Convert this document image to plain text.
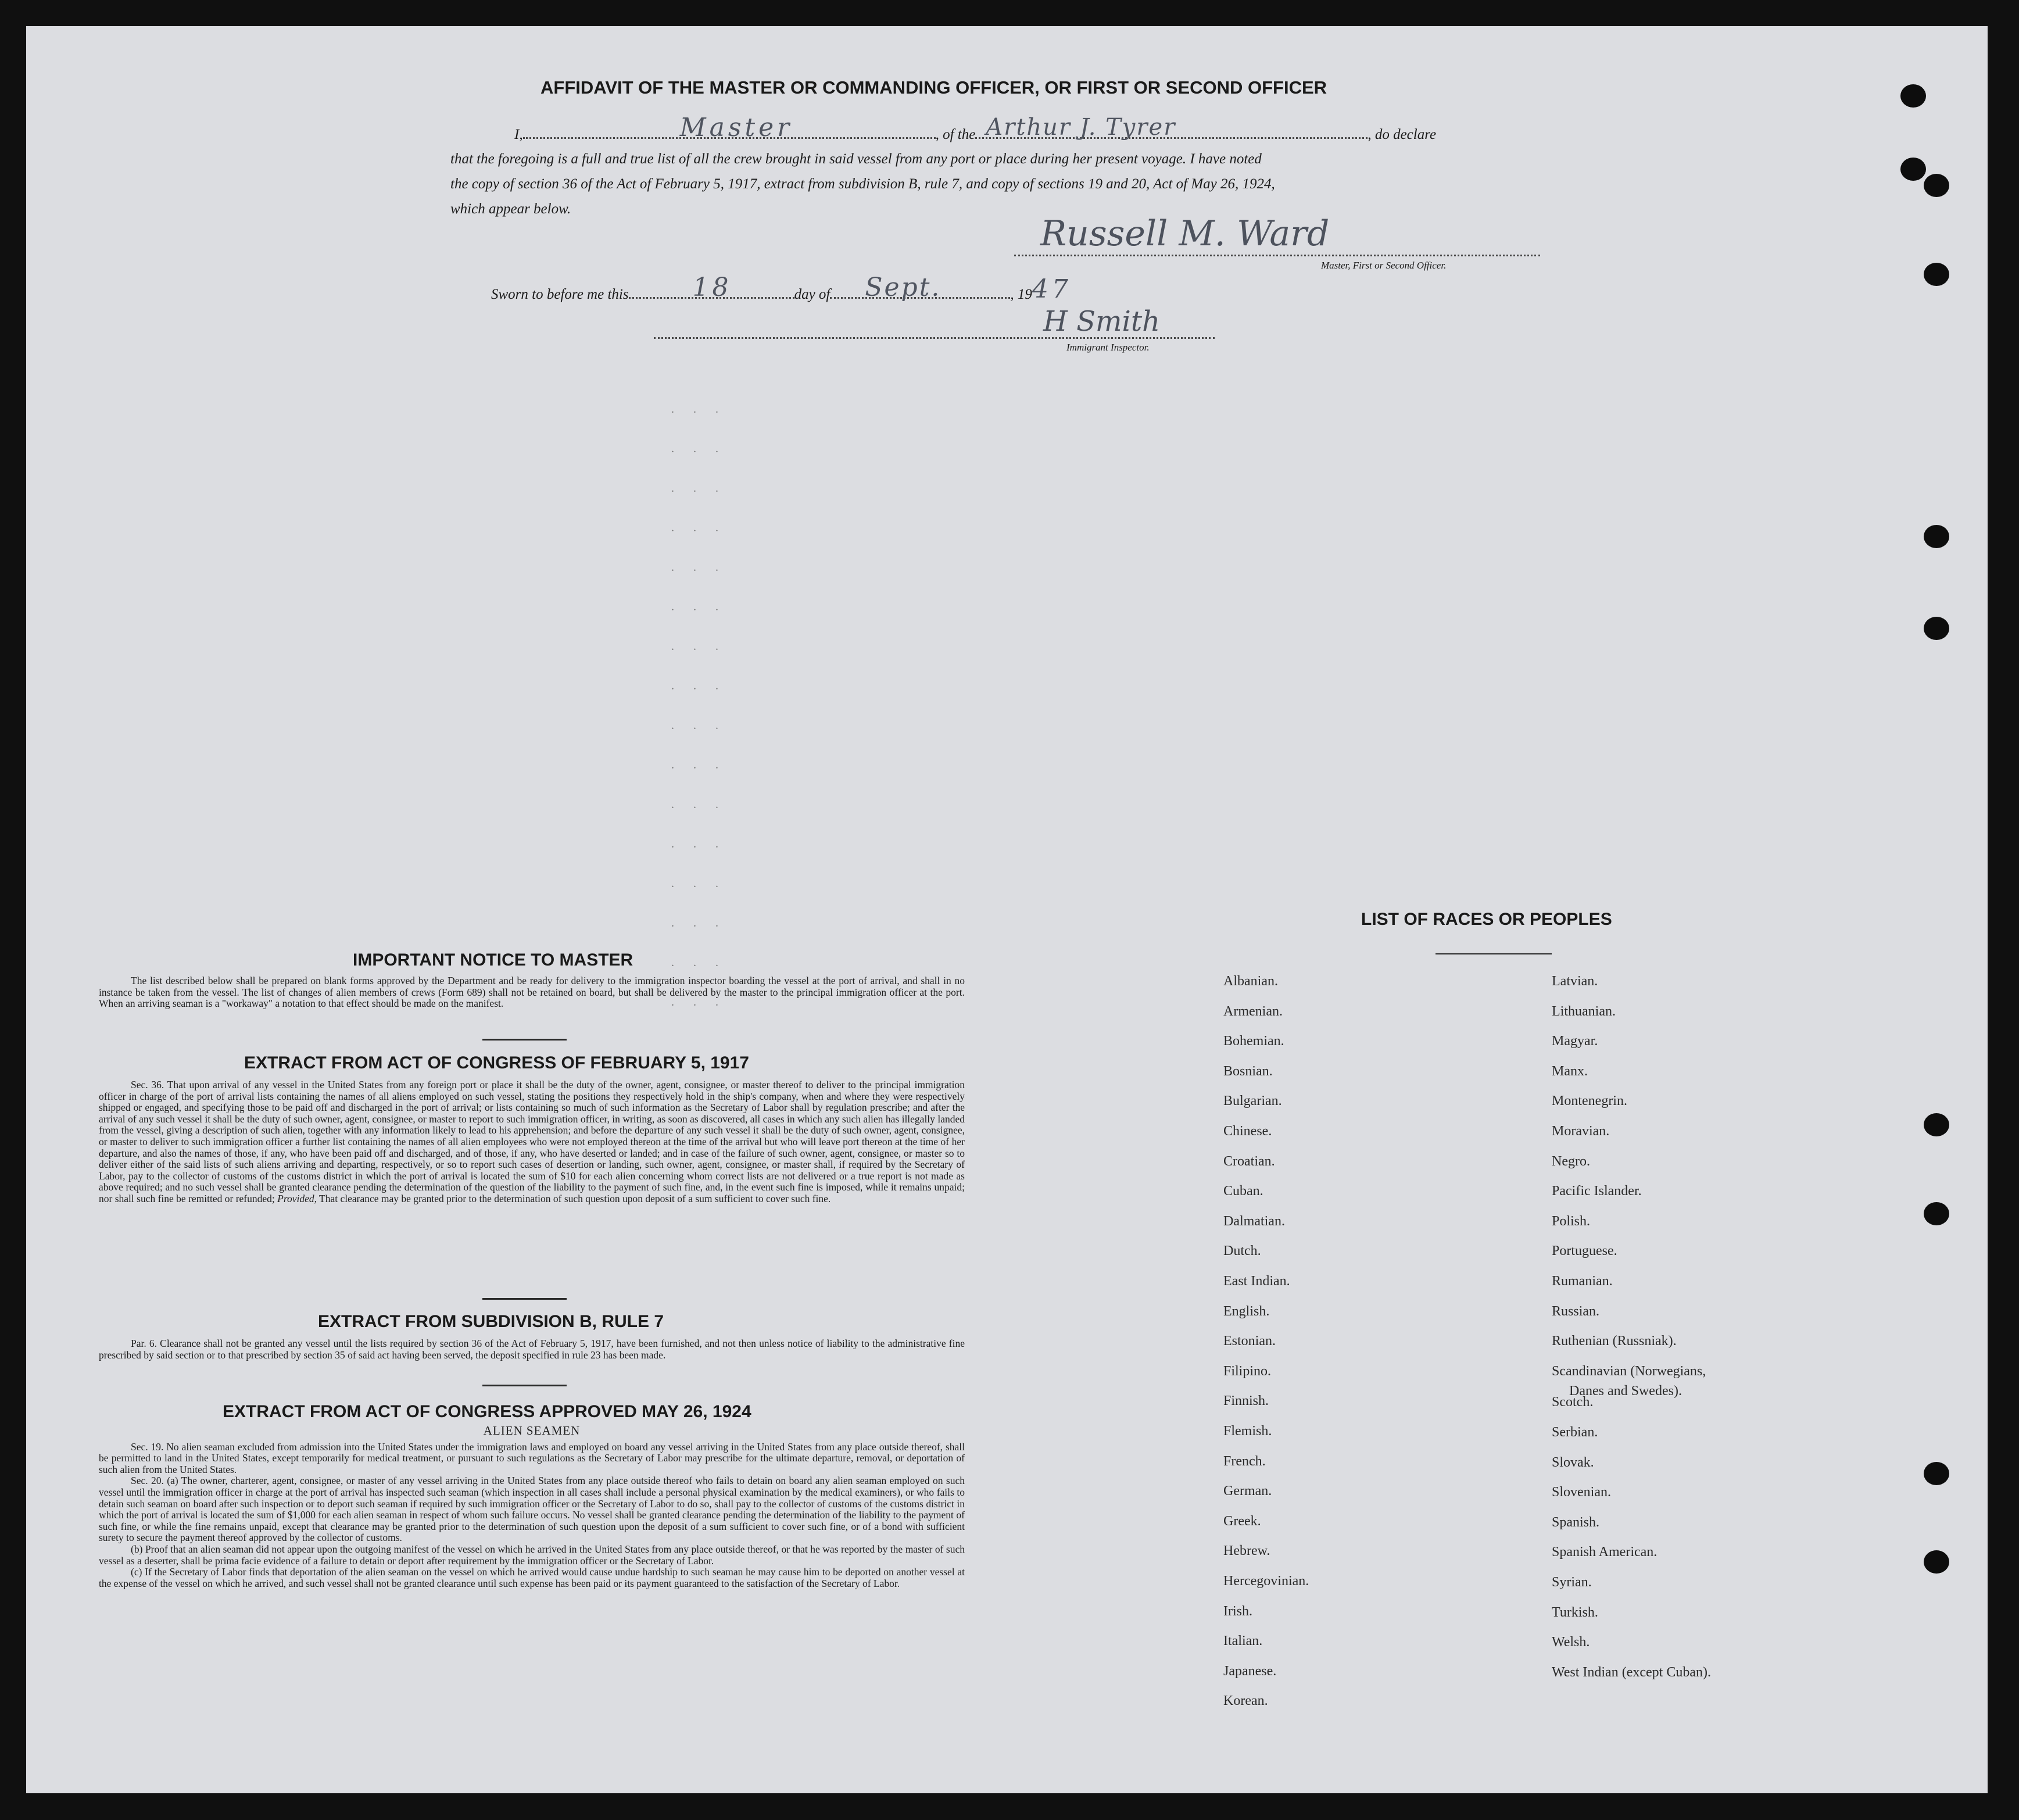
AFFIDAVIT OF THE MASTER OR COMMANDING OFFICER, OR FIRST OR SECOND OFFICER
I,	Master	, of the Arthur J. Tyrer	, do declare
that the foregoing is a full and true list of all the crew brought in said vessel from any port or place during her present voyage. I have noted
the copy of section 36 of the Act of February 5, 1917, extract from subdivision B, rule 7, and copy of sections 19 and 20, Act of May 26, 1924,
which appear below.
Russell M. Ward
Master, First or Second Officer.
Sworn to before me this	18	day of Sept.	, 19 47
H Smith
Immigrant Inspector.
. . .
. . .
. . .
. . .
. . .
. . .
. . .
. . .
. . .
. . .
. . .
. . .
. . .
. . .
. . .
. . .
IMPORTANT NOTICE TO MASTER

The list described below shall be prepared on blank forms approved by the Department and be ready for delivery to the immigration inspector boarding the vessel at the port of arrival, and shall in no instance be taken from the vessel. The list of changes of alien members of crews (Form 689) shall not be retained on board, but shall be delivered by the master to the principal immigration officer at the port. When an arriving seaman is a "workaway" a notation to that effect should be made on the manifest.

EXTRACT FROM ACT OF CONGRESS OF FEBRUARY 5, 1917

Sec. 36. That upon arrival of any vessel in the United States from any foreign port or place it shall be the duty of the owner, agent, consignee, or master thereof to deliver to the principal immigration officer in charge of the port of arrival lists containing the names of all aliens employed on such vessel, stating the positions they respectively hold in the ship's company, when and where they were respectively shipped or engaged, and specifying those to be paid off and discharged in the port of arrival; or lists containing so much of such information as the Secretary of Labor shall by regulation prescribe; and after the arrival of any such vessel it shall be the duty of such owner, agent, consignee, or master to report to such immigration officer, in writing, as soon as discovered, all cases in which any such alien has illegally landed from the vessel, giving a description of such alien, together with any information likely to lead to his apprehension; and before the departure of any such vessel it shall be the duty of such owner, agent, consignee, or master to deliver to such immigration officer a further list containing the names of all alien employees who were not employed thereon at the time of the arrival but who will leave port thereon at the time of her departure, and also the names of those, if any, who have been paid off and discharged, and of those, if any, who have deserted or landed; and in case of the failure of such owner, agent, consignee, or master so to deliver either of the said lists of such aliens arriving and departing, respectively, or so to report such cases of desertion or landing, such owner, agent, consignee, or master shall, if required by the Secretary of Labor, pay to the collector of customs of the customs district in which the port of arrival is located the sum of $10 for each alien concerning whom correct lists are not delivered or a true report is not made as above required; and no such vessel shall be granted clearance pending the determination of the question of the liability to the payment of such fine, and, in the event such fine is imposed, while it remains unpaid; nor shall such fine be remitted or refunded; Provided, That clearance may be granted prior to the determination of such question upon deposit of a sum sufficient to cover such fine.

EXTRACT FROM SUBDIVISION B, RULE 7

Par. 6. Clearance shall not be granted any vessel until the lists required by section 36 of the Act of February 5, 1917, have been furnished, and not then unless notice of liability to the administrative fine prescribed by said section or to that prescribed by section 35 of said act having been served, the deposit specified in rule 23 has been made.

EXTRACT FROM ACT OF CONGRESS APPROVED MAY 26, 1924

ALIEN SEAMEN

Sec. 19. No alien seaman excluded from admission into the United States under the immigration laws and employed on board any vessel arriving in the United States from any place outside thereof, shall be permitted to land in the United States, except temporarily for medical treatment, or pursuant to such regulations as the Secretary of Labor may prescribe for the ultimate departure, removal, or deportation of such alien from the United States.

Sec. 20. (a) The owner, charterer, agent, consignee, or master of any vessel arriving in the United States from any place outside thereof who fails to detain on board any alien seaman employed on such vessel until the immigration officer in charge at the port of arrival has inspected such seaman (which inspection in all cases shall include a personal physical examination by the medical examiners), or who fails to detain such seaman on board after such inspection or to deport such seaman if required by such immigration officer or the Secretary of Labor to do so, shall pay to the collector of customs of the customs district in which the port of arrival is located the sum of $1,000 for each alien seaman in respect of whom such failure occurs. No vessel shall be granted clearance pending the determination of the liability to the payment of such fine, or while the fine remains unpaid, except that clearance may be granted prior to the determination of such question upon the deposit of a sum sufficient to cover such fine, or of a bond with sufficient surety to secure the payment thereof approved by the collector of customs.

(b) Proof that an alien seaman did not appear upon the outgoing manifest of the vessel on which he arrived in the United States from any place outside thereof, or that he was reported by the master of such vessel as a deserter, shall be prima facie evidence of a failure to detain or deport after requirement by the immigration officer or the Secretary of Labor.

(c) If the Secretary of Labor finds that deportation of the alien seaman on the vessel on which he arrived would cause undue hardship to such seaman he may cause him to be deported on another vessel at the expense of the vessel on which he arrived, and such vessel shall not be granted clearance until such expense has been paid or its payment guaranteed to the satisfaction of the Secretary of Labor.

LIST OF RACES OR PEOPLES
Albanian.
Armenian.
Bohemian.
Bosnian.
Bulgarian.
Chinese.
Croatian.
Cuban.
Dalmatian.
Dutch.
East Indian.
English.
Estonian.
Filipino.
Finnish.
Flemish.
French.
German.
Greek.
Hebrew.
Hercegovinian.
Irish.
Italian.
Japanese.
Korean.
Latvian.
Lithuanian.
Magyar.
Manx.
Montenegrin.
Moravian.
Negro.
Pacific Islander.
Polish.
Portuguese.
Rumanian.
Russian.
Ruthenian (Russniak).
Scandinavian (Norwegians,
Danes and Swedes).
Scotch.
Serbian.
Slovak.
Slovenian.
Spanish.
Spanish American.
Syrian.
Turkish.
Welsh.
West Indian (except Cuban).
